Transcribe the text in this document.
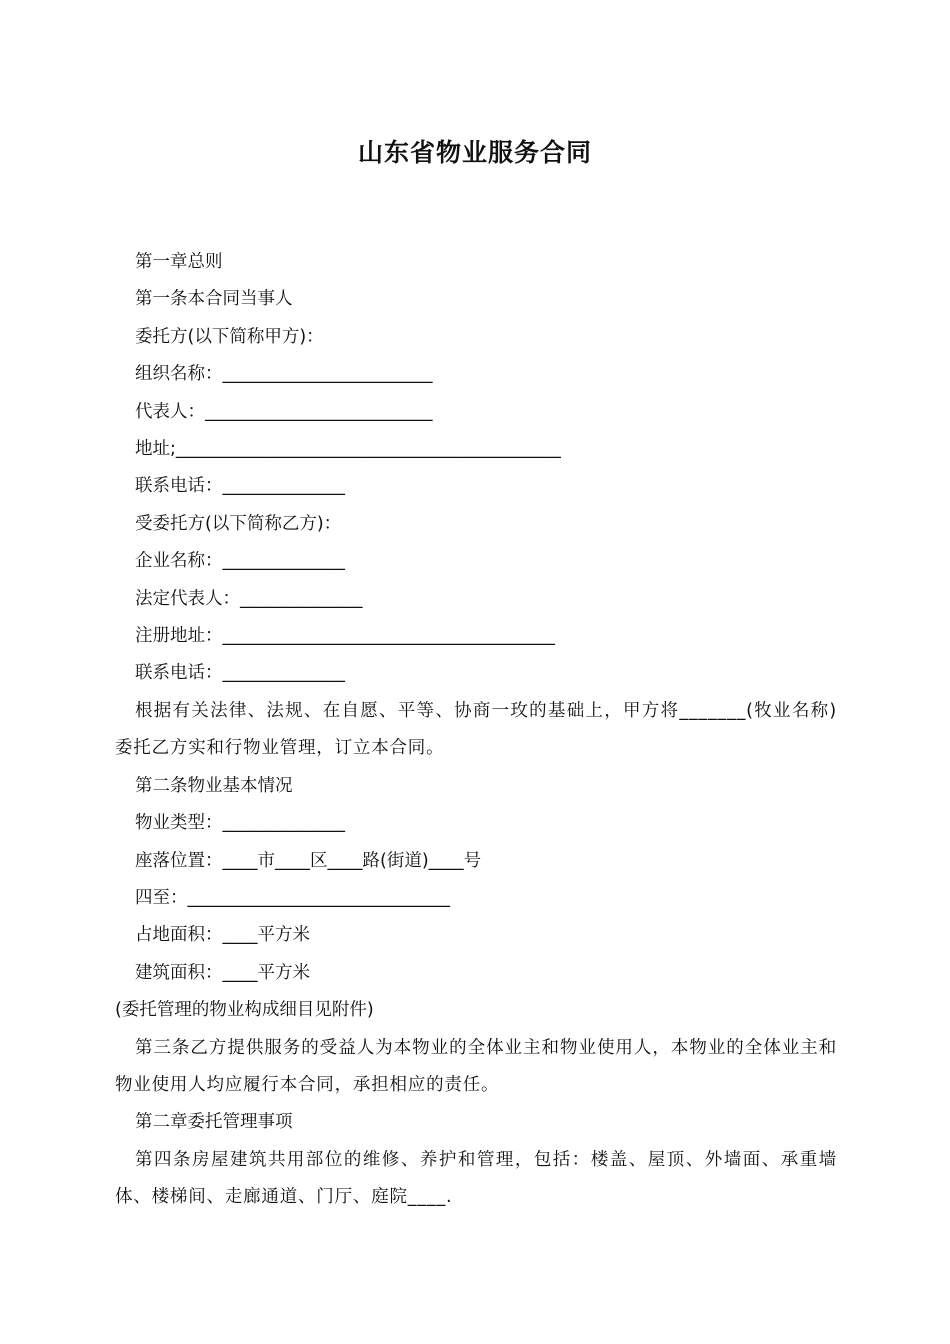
山东省物业服务合同
第一章总则
第一条本合同当事人
委托方(以下简称甲方)：
组织名称：________________________
代表人：__________________________
地址;____________________________________________
联系电话：______________
受委托方(以下简称乙方)：
企业名称：______________
法定代表人：______________
注册地址：______________________________________
联系电话：______________
根据有关法律、法规、在自愿、平等、协商一玫的基础上，甲方将_______(牧业名称)委托乙方实和行物业管理，订立本合同。
第二条物业基本情况
物业类型：______________
座落位置：____市____区____路(街道)____号
四至：______________________________
占地面积：____平方米
建筑面积：____平方米
(委托管理的物业构成细目见附件)
第三条乙方提供服务的受益人为本物业的全体业主和物业使用人，本物业的全体业主和物业使用人均应履行本合同，承担相应的责任。
第二章委托管理事项
第四条房屋建筑共用部位的维修、养护和管理，包括：楼盖、屋顶、外墙面、承重墙体、楼梯间、走廊通道、门厅、庭院____.
